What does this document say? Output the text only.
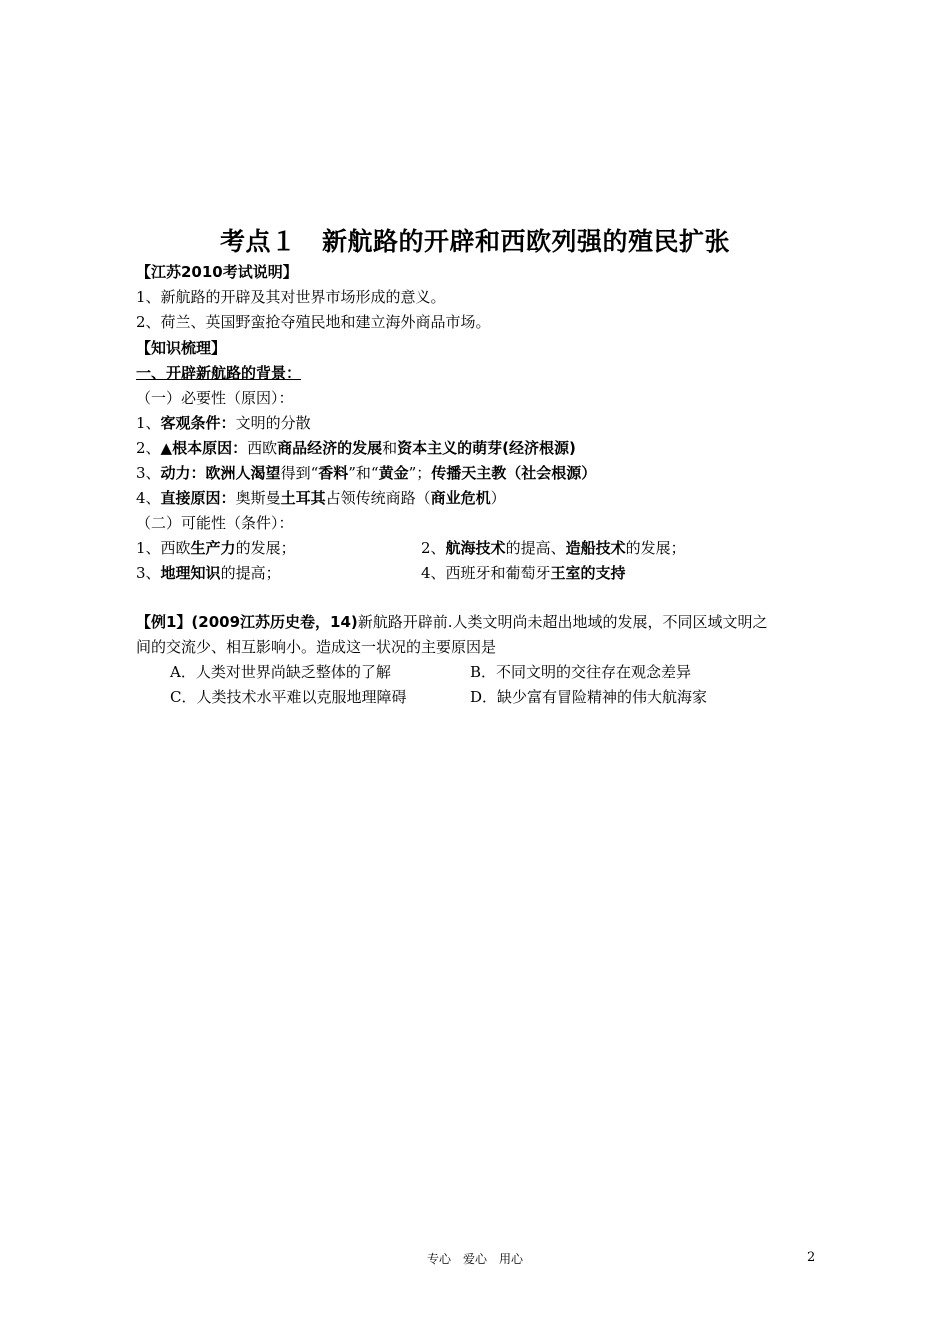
考点１　新航路的开辟和西欧列强的殖民扩张
【江苏2010考试说明】
1、新航路的开辟及其对世界市场形成的意义。
2、荷兰、英国野蛮抢夺殖民地和建立海外商品市场。
【知识梳理】
一、开辟新航路的背景：
（一）必要性（原因）：
1、客观条件：文明的分散
2、▲根本原因：西欧商品经济的发展和资本主义的萌芽(经济根源)
3、动力：欧洲人渴望得到“香料”和“黄金”；传播天主教（社会根源）
4、直接原因：奥斯曼土耳其占领传统商路（商业危机）
（二）可能性（条件）：
1、西欧生产力的发展；	2、航海技术的提高、造船技术的发展；
3、地理知识的提高；	4、西班牙和葡萄牙王室的支持
【例1】(2009江苏历史卷，14)新航路开辟前.人类文明尚未超出地域的发展，不同区域文明之
间的交流少、相互影响小。造成这一状况的主要原因是
A．人类对世界尚缺乏整体的了解	B．不同文明的交往存在观念差异
C．人类技术水平难以克服地理障碍	D．缺少富有冒险精神的伟大航海家
专心　爱心　用心	2
